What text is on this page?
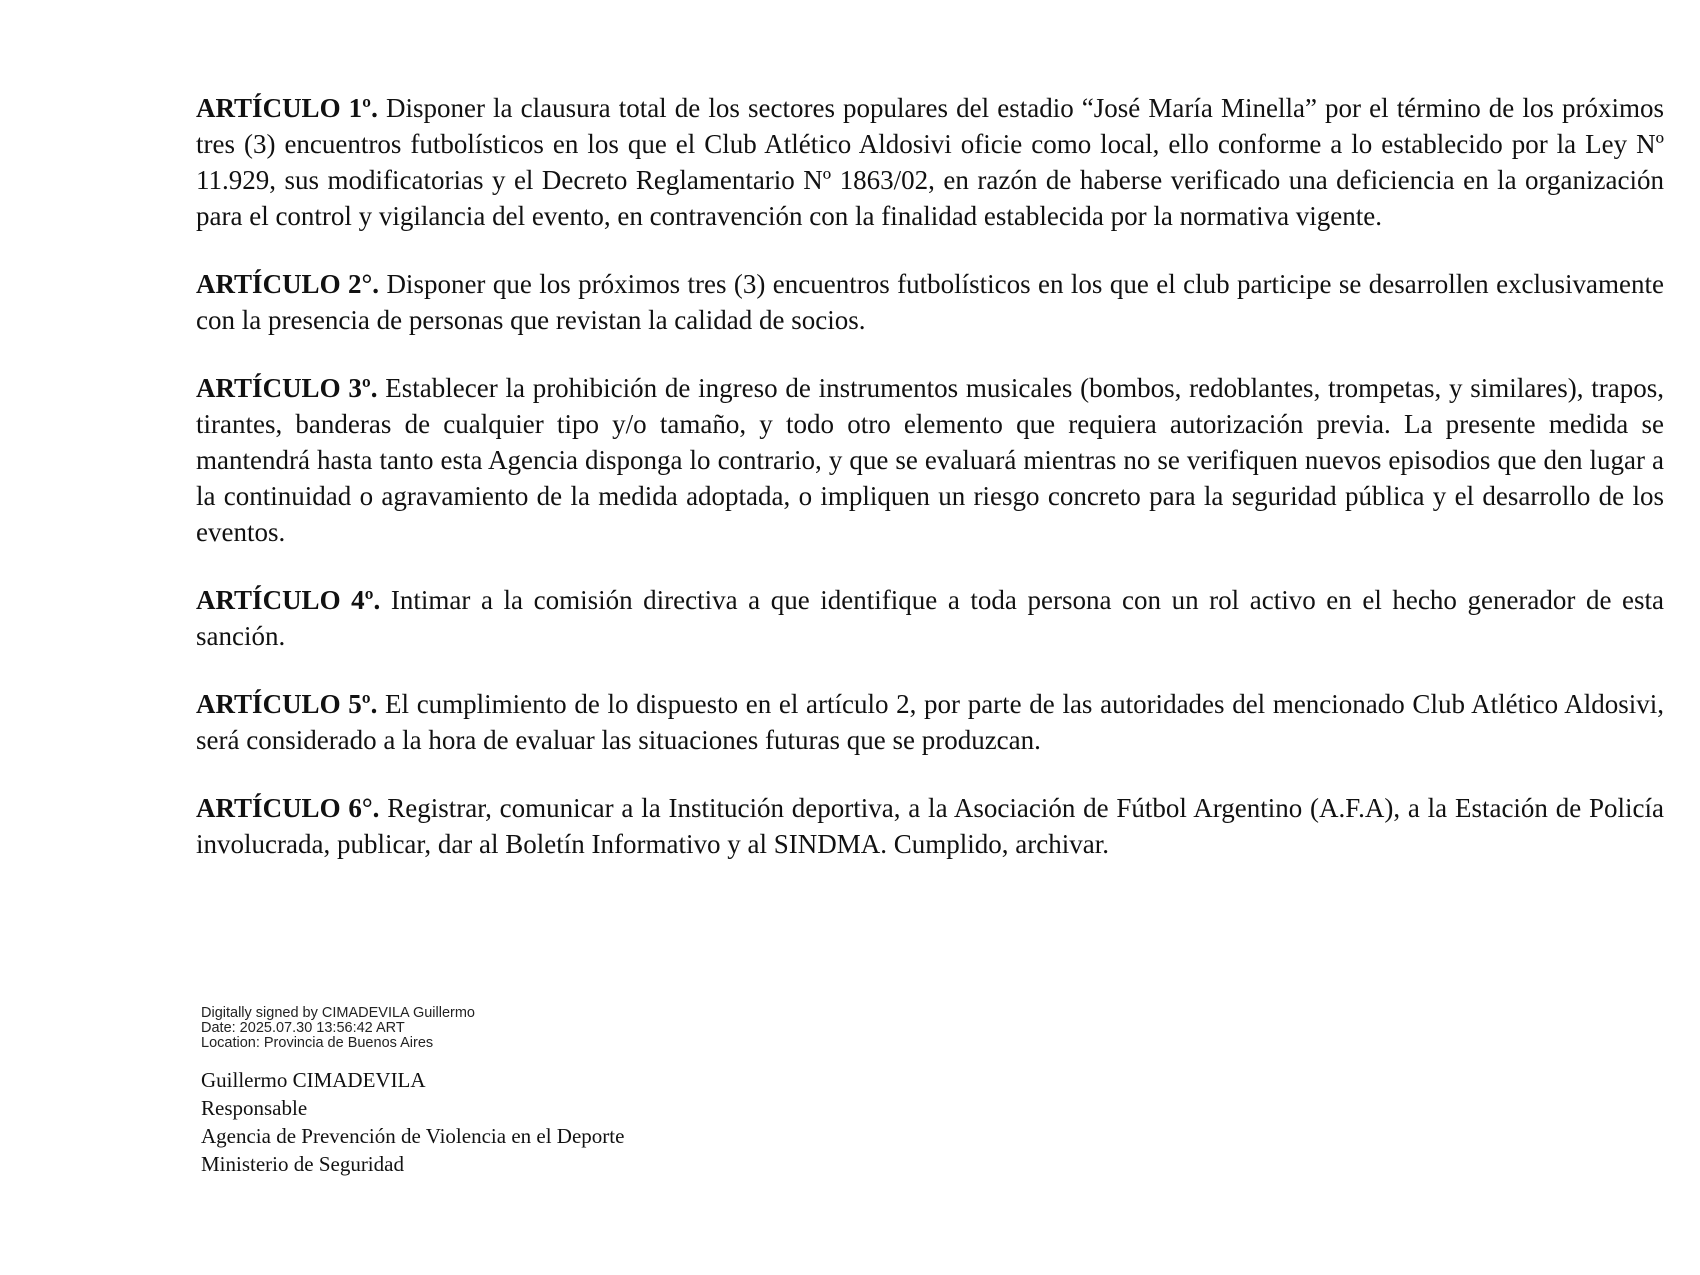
ARTÍCULO 1º. Disponer la clausura total de los sectores populares del estadio “José María Minella” por el término de los próximos tres (3) encuentros futbolísticos en los que el Club Atlético Aldosivi oficie como local, ello conforme a lo establecido por la Ley Nº 11.929, sus modificatorias y el Decreto Reglamentario Nº 1863/02, en razón de haberse verificado una deficiencia en la organización para el control y vigilancia del evento, en contravención con la finalidad establecida por la normativa vigente.

ARTÍCULO 2°. Disponer que los próximos tres (3) encuentros futbolísticos en los que el club participe se desarrollen exclusivamente con la presencia de personas que revistan la calidad de socios.

ARTÍCULO 3º. Establecer la prohibición de ingreso de instrumentos musicales (bombos, redoblantes, trompetas, y similares), trapos, tirantes, banderas de cualquier tipo y/o tamaño, y todo otro elemento que requiera autorización previa. La presente medida se mantendrá hasta tanto esta Agencia disponga lo contrario, y que se evaluará mientras no se verifiquen nuevos episodios que den lugar a la continuidad o agravamiento de la medida adoptada, o impliquen un riesgo concreto para la seguridad pública y el desarrollo de los eventos.

ARTÍCULO 4º. Intimar a la comisión directiva a que identifique a toda persona con un rol activo en el hecho generador de esta sanción.

ARTÍCULO 5º. El cumplimiento de lo dispuesto en el artículo 2, por parte de las autoridades del mencionado Club Atlético Aldosivi, será considerado a la hora de evaluar las situaciones futuras que se produzcan.

ARTÍCULO 6°. Registrar, comunicar a la Institución deportiva, a la Asociación de Fútbol Argentino (A.F.A), a la Estación de Policía involucrada, publicar, dar al Boletín Informativo y al SINDMA. Cumplido, archivar.

Digitally signed by CIMADEVILA Guillermo
Date: 2025.07.30 13:56:42 ART
Location: Provincia de Buenos Aires
Guillermo CIMADEVILA
Responsable
Agencia de Prevención de Violencia en el Deporte
Ministerio de Seguridad
